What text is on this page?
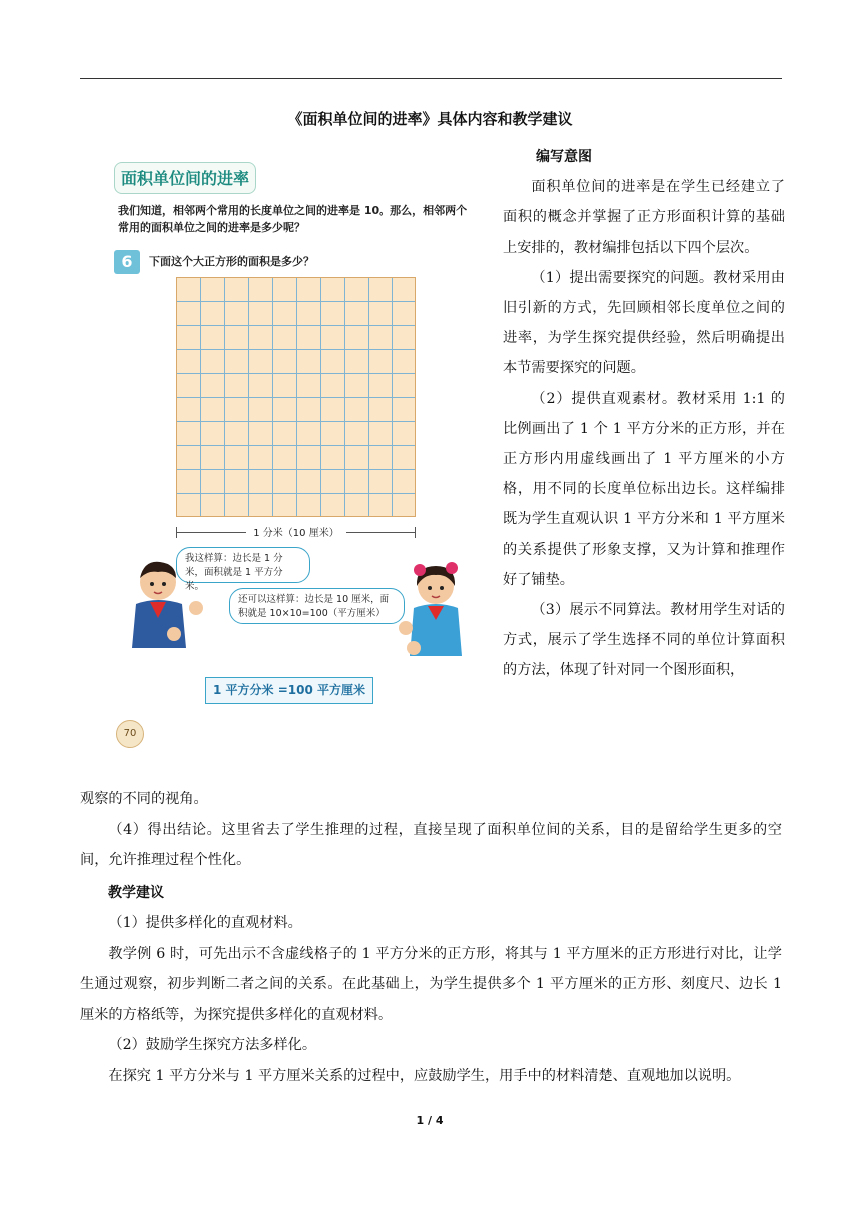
《面积单位间的进率》具体内容和教学建议
面积单位间的进率
我们知道，相邻两个常用的长度单位之间的进率是 10。那么，相邻两个常用的面积单位之间的进率是多少呢？
6	下面这个大正方形的面积是多少？
1 分米（10 厘米）
我这样算：边长是 1 分米，面积就是 1 平方分米。
还可以这样算：边长是 10 厘米，面积就是 10×10=100（平方厘米）
1 平方分米 =100 平方厘米
70

编写意图

面积单位间的进率是在学生已经建立了面积的概念并掌握了正方形面积计算的基础上安排的，教材编排包括以下四个层次。

（1）提出需要探究的问题。教材采用由旧引新的方式，先回顾相邻长度单位之间的进率，为学生探究提供经验，然后明确提出本节需要探究的问题。

（2）提供直观素材。教材采用 1:1 的比例画出了 1 个 1 平方分米的正方形，并在正方形内用虚线画出了 1 平方厘米的小方格，用不同的长度单位标出边长。这样编排既为学生直观认识 1 平方分米和 1 平方厘米的关系提供了形象支撑，又为计算和推理作好了铺垫。

（3）展示不同算法。教材用学生对话的方式，展示了学生选择不同的单位计算面积的方法，体现了针对同一个图形面积，

观察的不同的视角。

（4）得出结论。这里省去了学生推理的过程，直接呈现了面积单位间的关系，目的是留给学生更多的空间，允许推理过程个性化。

教学建议

（1）提供多样化的直观材料。

教学例 6 时，可先出示不含虚线格子的 1 平方分米的正方形，将其与 1 平方厘米的正方形进行对比，让学生通过观察，初步判断二者之间的关系。在此基础上，为学生提供多个 1 平方厘米的正方形、刻度尺、边长 1 厘米的方格纸等，为探究提供多样化的直观材料。

（2）鼓励学生探究方法多样化。

在探究 1 平方分米与 1 平方厘米关系的过程中，应鼓励学生，用手中的材料清楚、直观地加以说明。

1 / 4
